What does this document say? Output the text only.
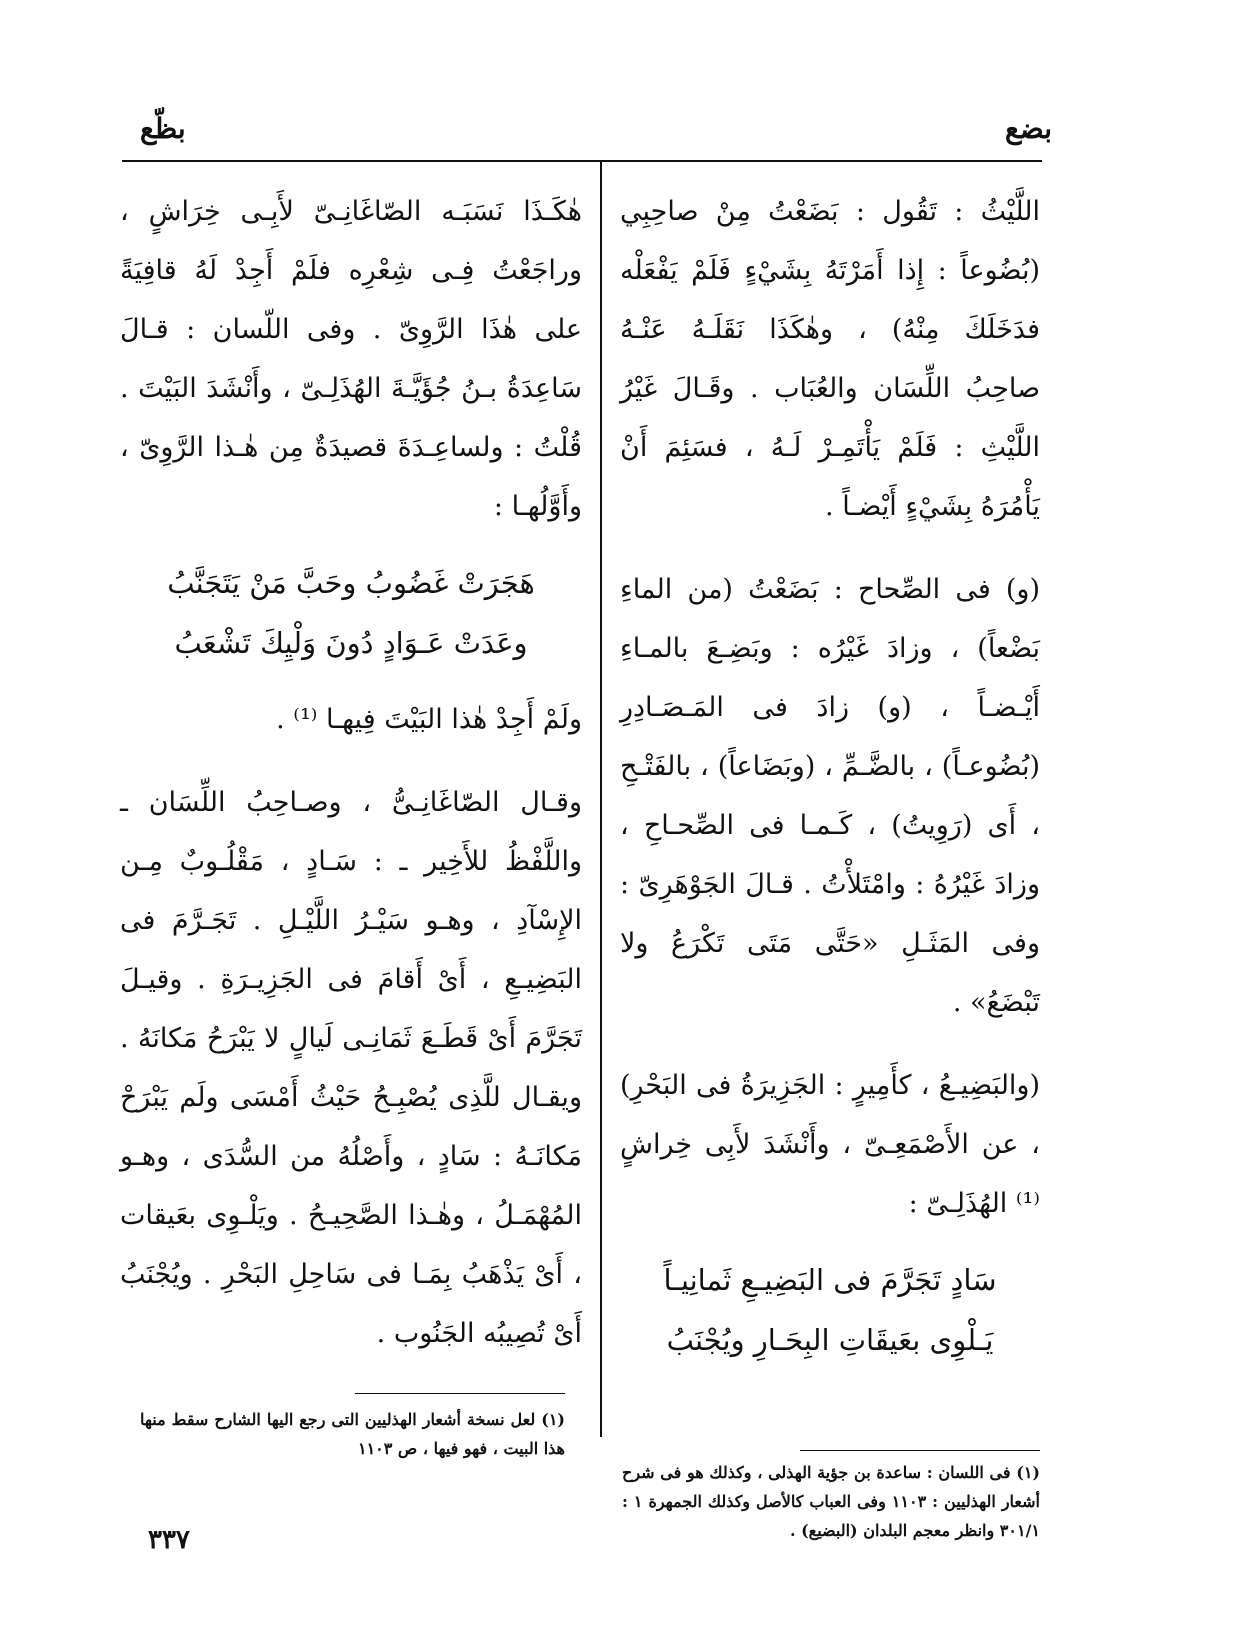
بضع
بظّع

اللَّيْثُ : تَقُول : بَضَعْتُ مِنْ صاحِبِي (بُضُوعاً : إِذا أَمَرْتَهُ بِشَيْءٍ فَلَمْ يَفْعَلْه فدَخَلَكَ مِنْهُ) ، وهٰكَذَا نَقَلَـهُ عَنْـهُ صاحِبُ اللِّسَان والعُبَاب . وقَـالَ غَيْرُ اللَّيْثِ : فَلَمْ يَأْتَمِـرْ لَـهُ ، فسَئِمَ أَنْ يَأْمُرَهُ بِشَيْءٍ أَيْضـاً .

(و) فى الصِّحاح : بَضَعْتُ (من الماءِ بَضْعاً) ، وزادَ غَيْرُه : وبَضِـعَ بالمـاءِ أَيْـضـاً ، (و) زادَ فى المَـصَـادِرِ (بُضُوعـاً) ، بالضَّـمِّ ، (وبَضَاعاً) ، بالفَتْـحِ ، أَى (رَوِيتُ) ، كَـمـا فى الصِّحـاحِ ، وزادَ غَيْرُهُ : وامْتَلأْتُ . قـالَ الجَوْهَرِىّ : وفى المَثَـلِ «حَتَّى مَتَى تَكْرَعُ ولا تَبْضَعُ» .

(والبَضِيـعُ ، كأَمِيرٍ : الجَزِيرَةُ فى البَحْرِ) ، عن الأَصْمَعِـىّ ، وأَنْشَدَ لأَبِى خِراشٍ ⁽¹⁾ الهُذَلِـىّ :

سَادٍ تَجَرَّمَ فى البَضِيـعِ ثَمانِيـاً

يَـلْوِى بعَيقَاتِ البِحَـارِ ويُجْنَبُ

هٰكَـذَا نَسَبَـه الصّاغَانِـىّ لأَبِـى خِرَاشٍ ، وراجَعْتُ فِـى شِعْرِه فلَمْ أَجِدْ لَهُ قافِيَةً على هٰذَا الرَّوِىّ . وفى اللّسان : قـالَ سَاعِدَةُ بـنُ جُؤَيَّـةَ الهُذَلِـىّ ، وأَنْشَدَ البَيْتَ . قُلْتُ : ولساعِـدَةَ قصيدَةٌ مِن هٰـذا الرَّوِىّ ، وأَوَّلُهـا :

هَجَرَتْ غَضُوبُ وحَبَّ مَنْ يَتَجَنَّبُ

وعَدَتْ عَـوَادٍ دُونَ وَلْيِكَ تَشْعَبُ

ولَمْ أَجِدْ هٰذا البَيْتَ فِيهـا ⁽¹⁾ .

وقـال الصّاغَانِـىُّ ، وصـاحِبُ اللِّسَان ـ واللَّفْظُ للأَخِير ـ : سَـادٍ ، مَقْلُـوبٌ مِـن الإِسْآدِ ، وهـو سَيْـرُ اللَّيْـلِ . تَجَـرَّمَ فى البَضِيـعِ ، أَىْ أَقامَ فى الجَزِيـرَةِ . وقيـلَ تَجَرَّمَ أَىْ قَطَـعَ ثَمَانِـى لَيالٍ لا يَبْرَحُ مَكانَهُ . ويقـال للَّذِى يُصْبِـحُ حَيْثُ أَمْسَى ولَم يَبْرَحْ مَكانَـهُ : سَادٍ ، وأَصْلُهُ من السُّدَى ، وهـو المُهْمَـلُ ، وهٰـذا الصَّحِيـحُ . ويَلْـوِى بعَيقات ، أَىْ يَذْهَبُ بِمَـا فى سَاحِلِ البَحْرِ . ويُجْنَبُ أَىْ تُصِيبُه الجَنُوب .

(١) فى اللسان : ساعدة بن جؤية الهذلى ، وكذلك هو فى شرح أشعار الهذليين : ١١٠٣ وفى العباب كالأصل وكذلك الجمهرة ١ : ٣٠١/١ وانظر معجم البلدان (البضيع) .
(١) لعل نسخة أشعار الهذليين التى رجع اليها الشارح سقط منها هذا البيت ، فهو فيها ، ص ١١٠٣
٣٣٧
